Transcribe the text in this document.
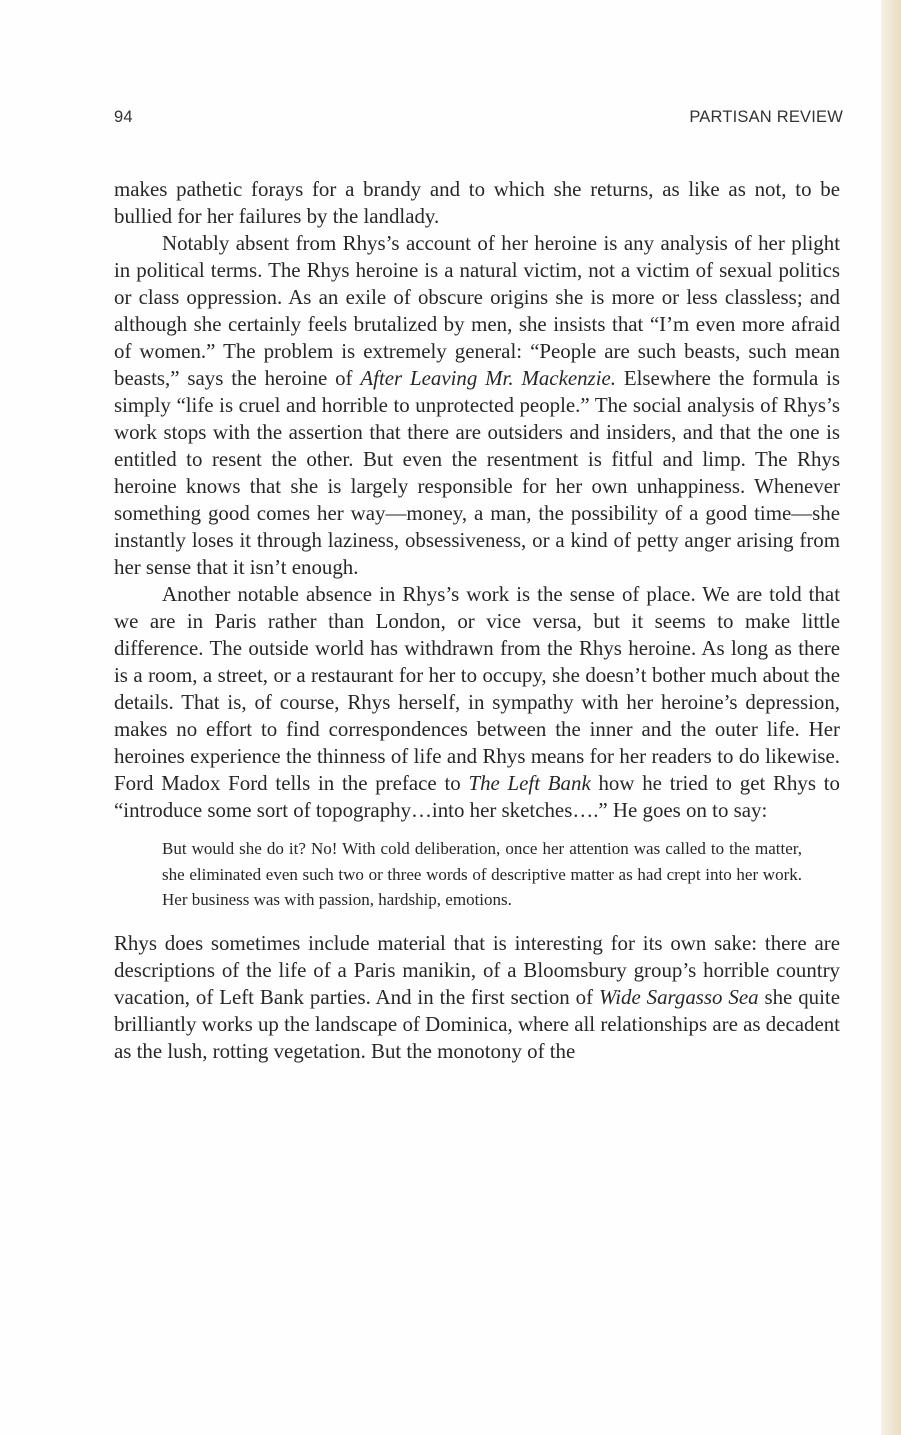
94	PARTISAN REVIEW

makes pathetic forays for a brandy and to which she returns, as like as not, to be bullied for her failures by the landlady.

Notably absent from Rhys’s account of her heroine is any analysis of her plight in political terms. The Rhys heroine is a natural victim, not a victim of sexual politics or class oppression. As an exile of obscure origins she is more or less classless; and although she certainly feels brutalized by men, she insists that “I’m even more afraid of women.” The problem is extremely general: “People are such beasts, such mean beasts,” says the heroine of After Leaving Mr. Mackenzie. Elsewhere the formula is simply “life is cruel and horrible to unprotected people.” The social analysis of Rhys’s work stops with the assertion that there are outsiders and insiders, and that the one is entitled to resent the other. But even the resentment is fitful and limp. The Rhys heroine knows that she is largely responsible for her own unhappiness. Whenever something good comes her way—money, a man, the possibility of a good time—she instantly loses it through laziness, obsessiveness, or a kind of petty anger arising from her sense that it isn’t enough.

Another notable absence in Rhys’s work is the sense of place. We are told that we are in Paris rather than London, or vice versa, but it seems to make little difference. The outside world has withdrawn from the Rhys heroine. As long as there is a room, a street, or a restaurant for her to occupy, she doesn’t bother much about the details. That is, of course, Rhys herself, in sympathy with her heroine’s depression, makes no effort to find correspondences between the inner and the outer life. Her heroines experience the thinness of life and Rhys means for her readers to do likewise. Ford Madox Ford tells in the preface to The Left Bank how he tried to get Rhys to “introduce some sort of topography…into her sketches….” He goes on to say:

But would she do it? No! With cold deliberation, once her attention was called to the matter, she eliminated even such two or three words of descriptive matter as had crept into her work. Her business was with passion, hardship, emotions.

Rhys does sometimes include material that is interesting for its own sake: there are descriptions of the life of a Paris manikin, of a Bloomsbury group’s horrible country vacation, of Left Bank parties. And in the first section of Wide Sargasso Sea she quite brilliantly works up the landscape of Dominica, where all relationships are as decadent as the lush, rotting vegetation. But the monotony of the
